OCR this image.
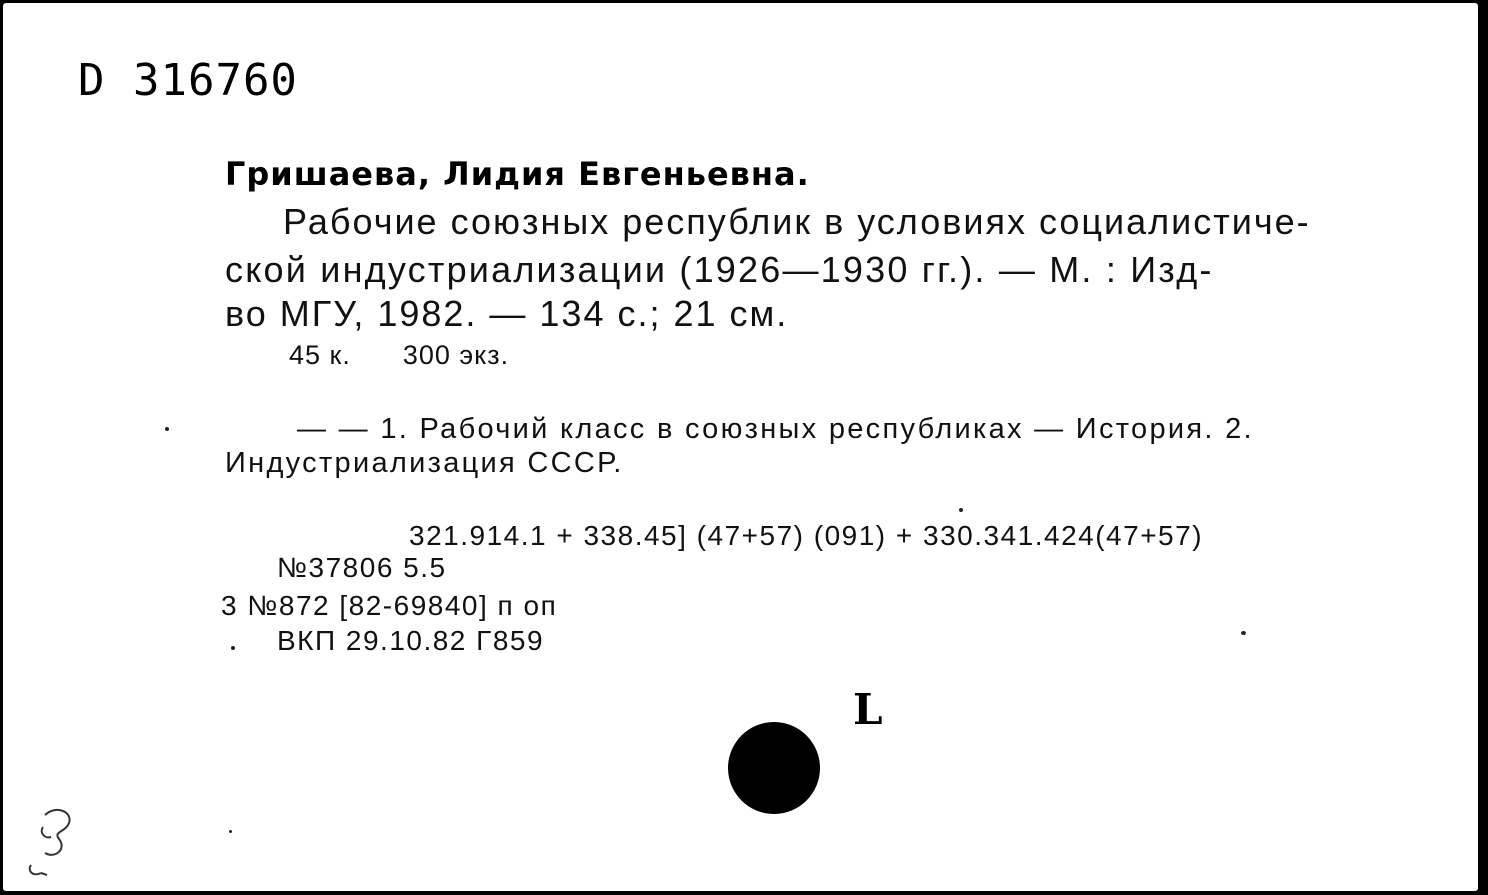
D 316760
Гришаева, Лидия Евгеньевна.
Рабочие союзных республик в условиях социалистиче-
ской индустриализации (1926—1930 гг.). — М. : Изд-
во МГУ, 1982. — 134 с.; 21 см.
45 к. 300 экз.
— — 1. Рабочий класс в союзных республиках — История. 2.
Индустриализация СССР.
321.914.1 + 338.45] (47+57) (091) + 330.341.424(47+57)
№37806 5.5
3 №872 [82-69840] п оп
ВКП 29.10.82 Г859
L
